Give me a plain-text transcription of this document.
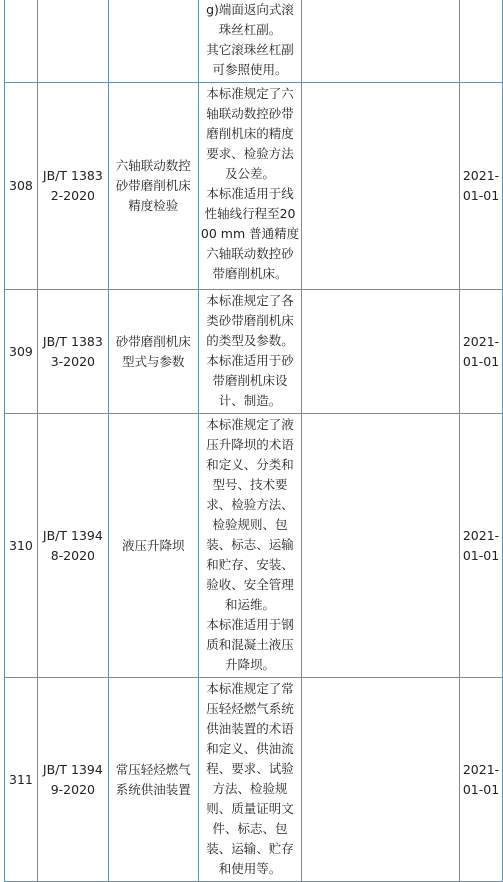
			g)端面返向式滚珠丝杠副。

其它滚珠丝杠副可参照使用。		

308	JB/T 13832-2020	六轴联动数控砂带磨削机床 精度检验	本标准规定了六轴联动数控砂带磨削机床的精度要求、检验方法及公差。

本标准适用于线性轴线行程至2000 mm 普通精度六轴联动数控砂带磨削机床。		2021-01-01
309	JB/T 13833-2020	砂带磨削机床 型式与参数	本标准规定了各类砂带磨削机床的类型及参数。

本标准适用于砂带磨削机床设计、制造。		2021-01-01
310	JB/T 13948-2020	液压升降坝	本标准规定了液压升降坝的术语和定义、分类和型号、技术要求、检验方法、检验规则、包装、标志、运输和贮存、安装、验收、安全管理和运维。

本标准适用于钢质和混凝土液压升降坝。		2021-01-01
311	JB/T 13949-2020	常压轻烃燃气系统供油装置	本标准规定了常压轻烃燃气系统供油装置的术语和定义、供油流程、要求、试验方法、检验规则、质量证明文件、标志、包装、运输、贮存和使用等。		2021-01-01
